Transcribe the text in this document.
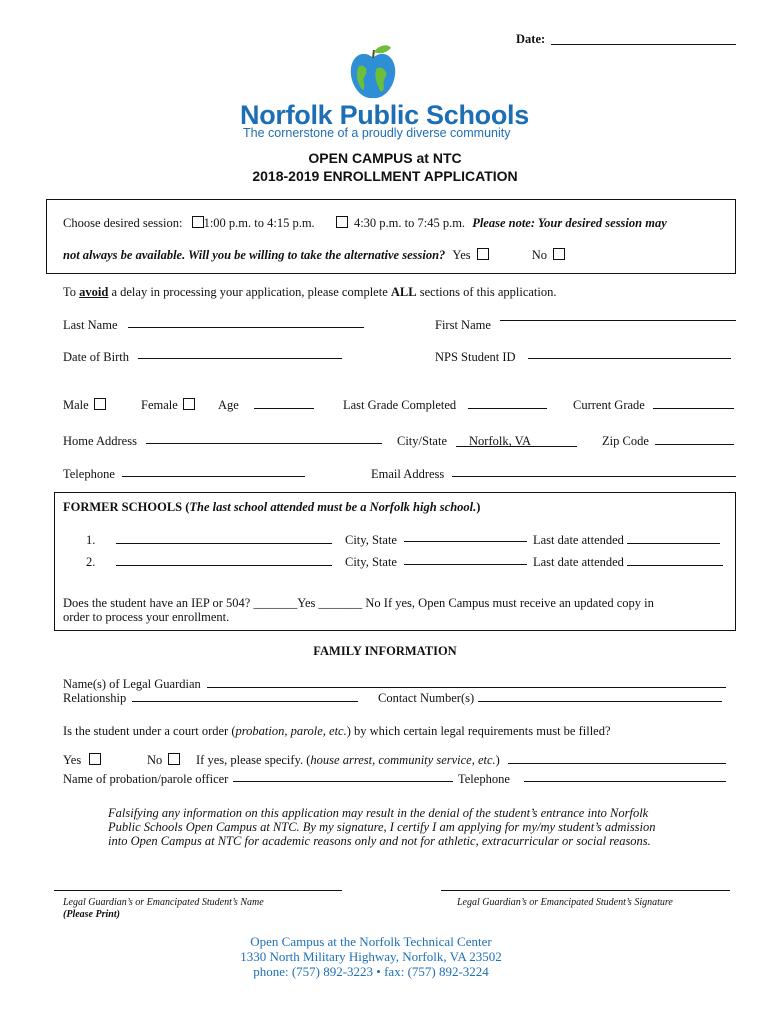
Date:
Norfolk Public Schools
The cornerstone of a proudly diverse community
OPEN CAMPUS at NTC
2018-2019 ENROLLMENT APPLICATION
Choose desired session: 1:00 p.m. to 4:15 p.m.	4:30 p.m. to 7:45 p.m. Please note: Your desired session may
not always be available. Will you be willing to take the alternative session? Yes	No
To avoid a delay in processing your application, please complete ALL sections of this application.
Last Name	First Name
Date of Birth	NPS Student ID
Male	Female	Age	Last Grade Completed	Current Grade
Home Address	City/State Norfolk, VA	Zip Code
Telephone	Email Address
FORMER SCHOOLS (The last school attended must be a Norfolk high school.)
1.	City, State	Last date attended
2.	City, State	Last date attended
Does the student have an IEP or 504? _______Yes _______ No If yes, Open Campus must receive an updated copy in
order to process your enrollment.
FAMILY INFORMATION
Name(s) of Legal Guardian
Relationship	Contact Number(s)
Is the student under a court order (probation, parole, etc.) by which certain legal requirements must be filled?
Yes	No	If yes, please specify. (house arrest, community service, etc.)
Name of probation/parole officer	Telephone
Falsifying any information on this application may result in the denial of the student’s entrance into Norfolk
Public Schools Open Campus at NTC. By my signature, I certify I am applying for my/my student’s admission
into Open Campus at NTC for academic reasons only and not for athletic, extracurricular or social reasons.
Legal Guardian’s or Emancipated Student’s Name
(Please Print)
Legal Guardian’s or Emancipated Student’s Signature
Open Campus at the Norfolk Technical Center
1330 North Military Highway, Norfolk, VA 23502
phone: (757) 892-3223 • fax: (757) 892-3224
